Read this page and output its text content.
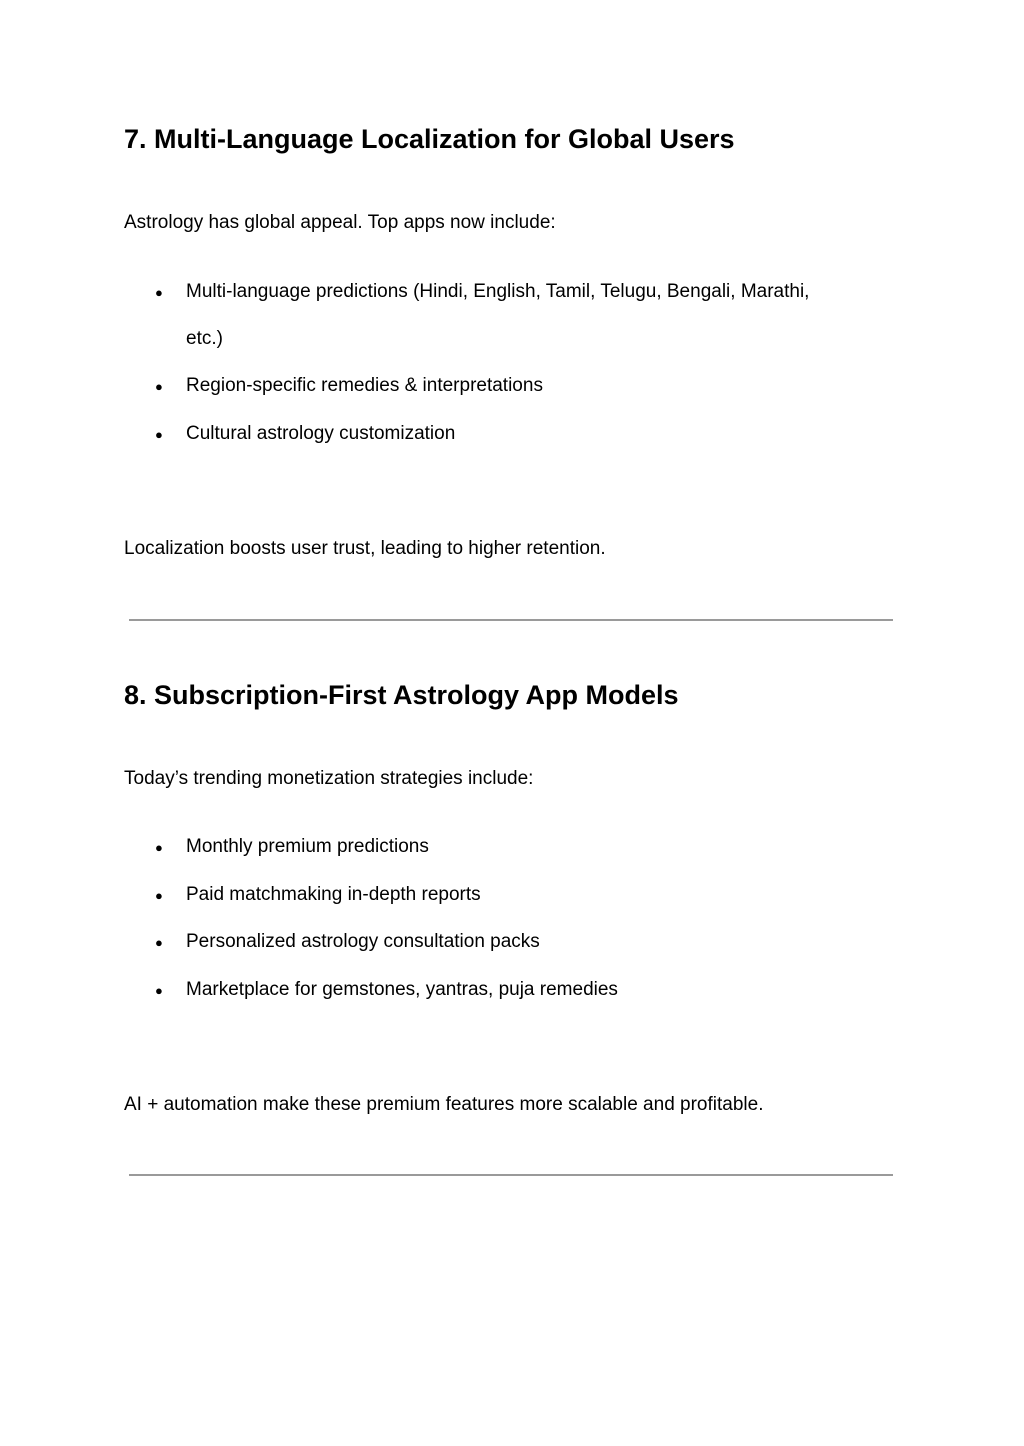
7. Multi-Language Localization for Global Users
Astrology has global appeal. Top apps now include:
● Multi-language predictions (Hindi, English, Tamil, Telugu, Bengali, Marathi,
etc.)
● Region-specific remedies & interpretations
● Cultural astrology customization
Localization boosts user trust, leading to higher retention.
8. Subscription-First Astrology App Models
Today’s trending monetization strategies include:
● Monthly premium predictions
● Paid matchmaking in-depth reports
● Personalized astrology consultation packs
● Marketplace for gemstones, yantras, puja remedies
AI + automation make these premium features more scalable and profitable.
